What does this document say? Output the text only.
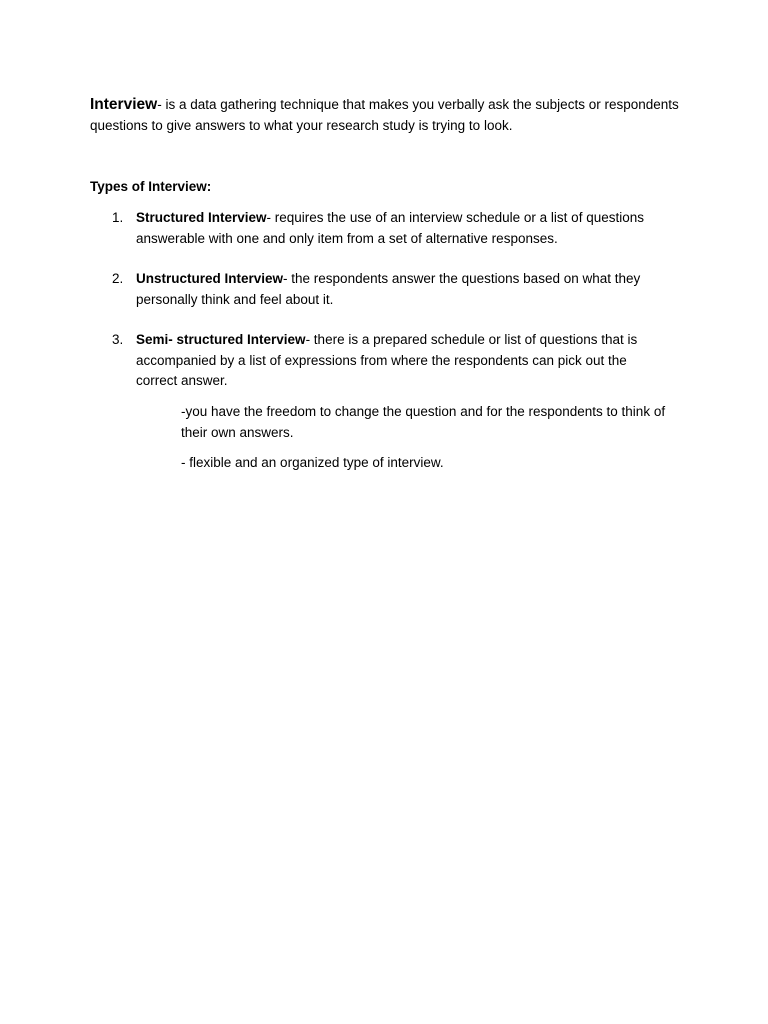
Interview- is a data gathering technique that makes you verbally ask the subjects or respondents questions to give answers to what your research study is trying to look.

Types of Interview:
1. Structured Interview- requires the use of an interview schedule or a list of questions answerable with one and only item from a set of alternative responses.
2. Unstructured Interview- the respondents answer the questions based on what they personally think and feel about it.
3. Semi- structured Interview- there is a prepared schedule or list of questions that is accompanied by a list of expressions from where the respondents can pick out the correct answer.
-you have the freedom to change the question and for the respondents to think of their own answers.
- flexible and an organized type of interview.
